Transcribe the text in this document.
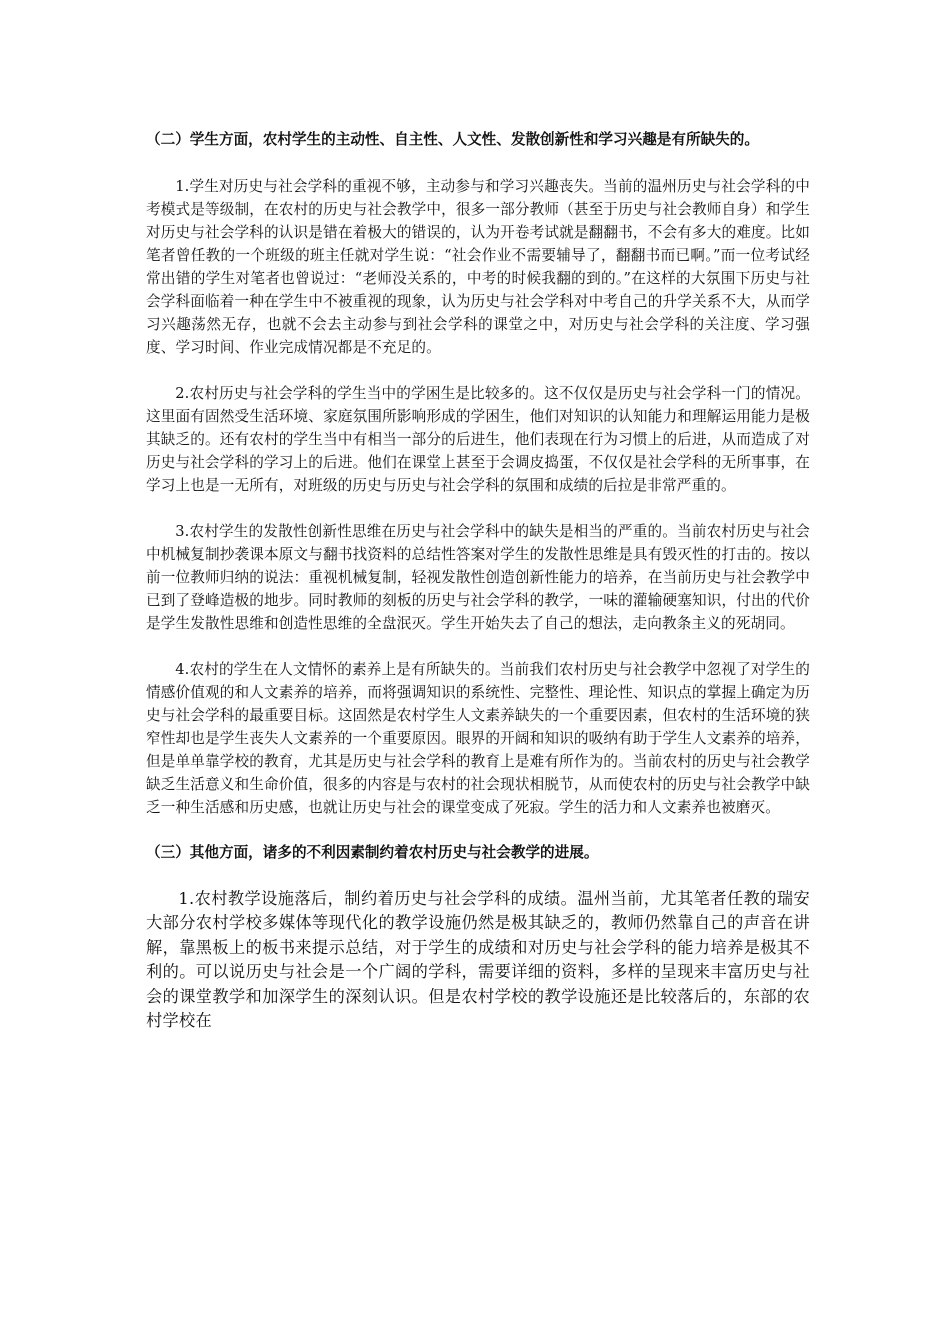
（二）学生方面，农村学生的主动性、自主性、人文性、发散创新性和学习兴趣是有所缺失的。

1.学生对历史与社会学科的重视不够，主动参与和学习兴趣丧失。当前的温州历史与社会学科的中考模式是等级制，在农村的历史与社会教学中，很多一部分教师（甚至于历史与社会教师自身）和学生对历史与社会学科的认识是错在着极大的错误的，认为开卷考试就是翻翻书，不会有多大的难度。比如笔者曾任教的一个班级的班主任就对学生说：“社会作业不需要辅导了，翻翻书而已啊。”而一位考试经常出错的学生对笔者也曾说过：“老师没关系的，中考的时候我翻的到的。”在这样的大氛围下历史与社会学科面临着一种在学生中不被重视的现象，认为历史与社会学科对中考自己的升学关系不大，从而学习兴趣荡然无存，也就不会去主动参与到社会学科的课堂之中，对历史与社会学科的关注度、学习强度、学习时间、作业完成情况都是不充足的。

2.农村历史与社会学科的学生当中的学困生是比较多的。这不仅仅是历史与社会学科一门的情况。这里面有固然受生活环境、家庭氛围所影响形成的学困生，他们对知识的认知能力和理解运用能力是极其缺乏的。还有农村的学生当中有相当一部分的后进生，他们表现在行为习惯上的后进，从而造成了对历史与社会学科的学习上的后进。他们在课堂上甚至于会调皮捣蛋，不仅仅是社会学科的无所事事，在学习上也是一无所有，对班级的历史与历史与社会学科的氛围和成绩的后拉是非常严重的。

3.农村学生的发散性创新性思维在历史与社会学科中的缺失是相当的严重的。当前农村历史与社会中机械复制抄袭课本原文与翻书找资料的总结性答案对学生的发散性思维是具有毁灭性的打击的。按以前一位教师归纳的说法：重视机械复制，轻视发散性创造创新性能力的培养，在当前历史与社会教学中已到了登峰造极的地步。同时教师的刻板的历史与社会学科的教学，一味的灌输硬塞知识，付出的代价是学生发散性思维和创造性思维的全盘泯灭。学生开始失去了自己的想法，走向教条主义的死胡同。

4.农村的学生在人文情怀的素养上是有所缺失的。当前我们农村历史与社会教学中忽视了对学生的情感价值观的和人文素养的培养，而将强调知识的系统性、完整性、理论性、知识点的掌握上确定为历史与社会学科的最重要目标。这固然是农村学生人文素养缺失的一个重要因素，但农村的生活环境的狭窄性却也是学生丧失人文素养的一个重要原因。眼界的开阔和知识的吸纳有助于学生人文素养的培养，但是单单靠学校的教育，尤其是历史与社会学科的教育上是难有所作为的。当前农村的历史与社会教学缺乏生活意义和生命价值，很多的内容是与农村的社会现状相脱节，从而使农村的历史与社会教学中缺乏一种生活感和历史感，也就让历史与社会的课堂变成了死寂。学生的活力和人文素养也被磨灭。

（三）其他方面，诸多的不利因素制约着农村历史与社会教学的进展。

1.农村教学设施落后，制约着历史与社会学科的成绩。温州当前，尤其笔者任教的瑞安大部分农村学校多媒体等现代化的教学设施仍然是极其缺乏的，教师仍然靠自己的声音在讲解，靠黑板上的板书来提示总结，对于学生的成绩和对历史与社会学科的能力培养是极其不利的。可以说历史与社会是一个广阔的学科，需要详细的资料，多样的呈现来丰富历史与社会的课堂教学和加深学生的深刻认识。但是农村学校的教学设施还是比较落后的，东部的农村学校在
